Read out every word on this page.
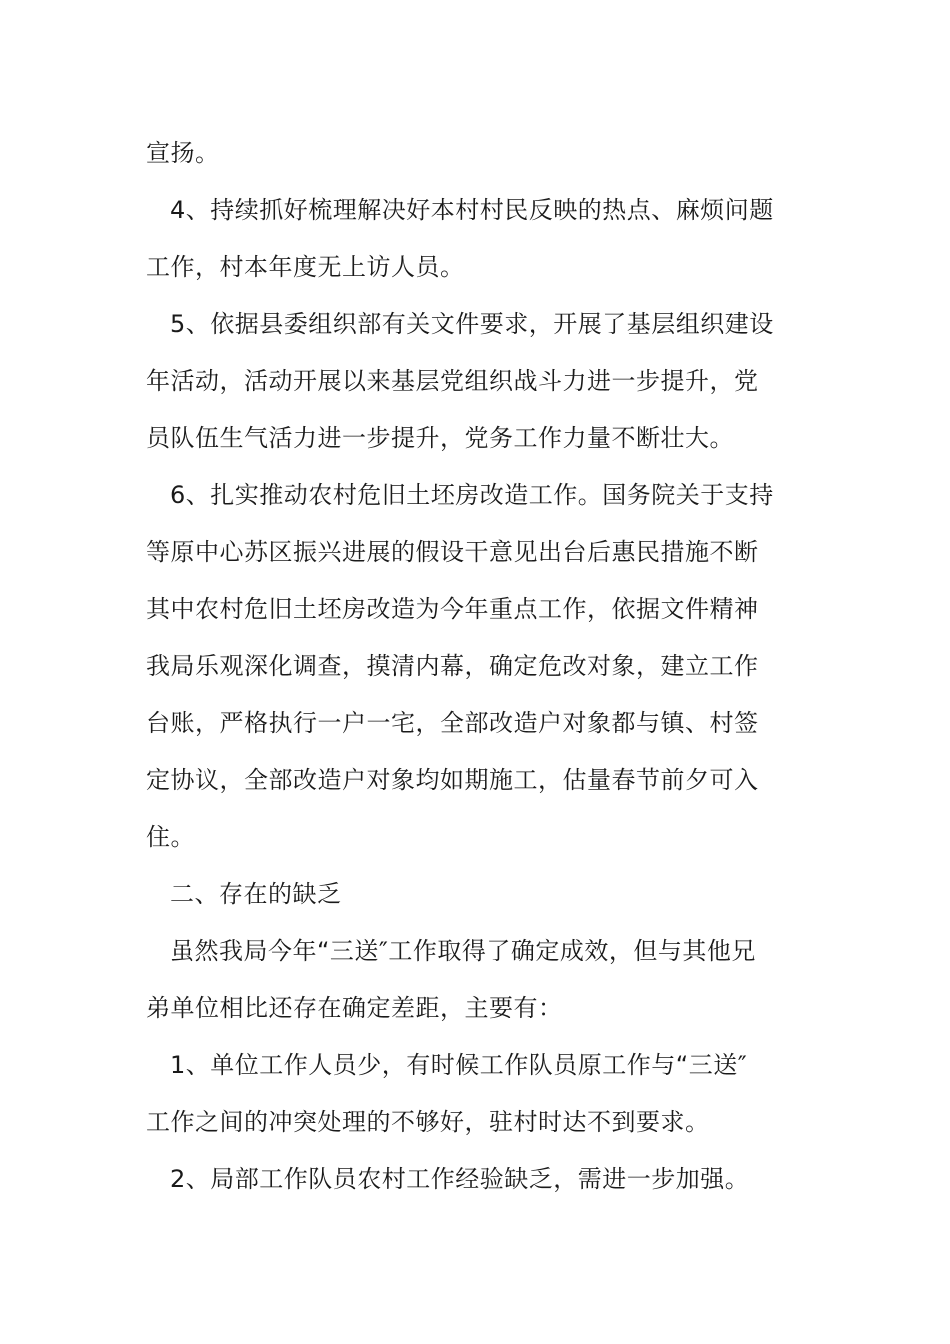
宣扬。
4、持续抓好梳理解决好本村村民反映的热点、麻烦问题
工作，村本年度无上访人员。
5、依据县委组织部有关文件要求，开展了基层组织建设
年活动，活动开展以来基层党组织战斗力进一步提升，党
员队伍生气活力进一步提升，党务工作力量不断壮大。
6、扎实推动农村危旧土坯房改造工作。国务院关于支持
等原中心苏区振兴进展的假设干意见出台后惠民措施不断
其中农村危旧土坯房改造为今年重点工作，依据文件精神
我局乐观深化调查，摸清内幕，确定危改对象，建立工作
台账，严格执行一户一宅，全部改造户对象都与镇、村签
定协议，全部改造户对象均如期施工，估量春节前夕可入
住。
二、存在的缺乏
虽然我局今年“三送″工作取得了确定成效，但与其他兄
弟单位相比还存在确定差距，主要有：
1、单位工作人员少，有时候工作队员原工作与“三送″
工作之间的冲突处理的不够好，驻村时达不到要求。
2、局部工作队员农村工作经验缺乏，需进一步加强。
